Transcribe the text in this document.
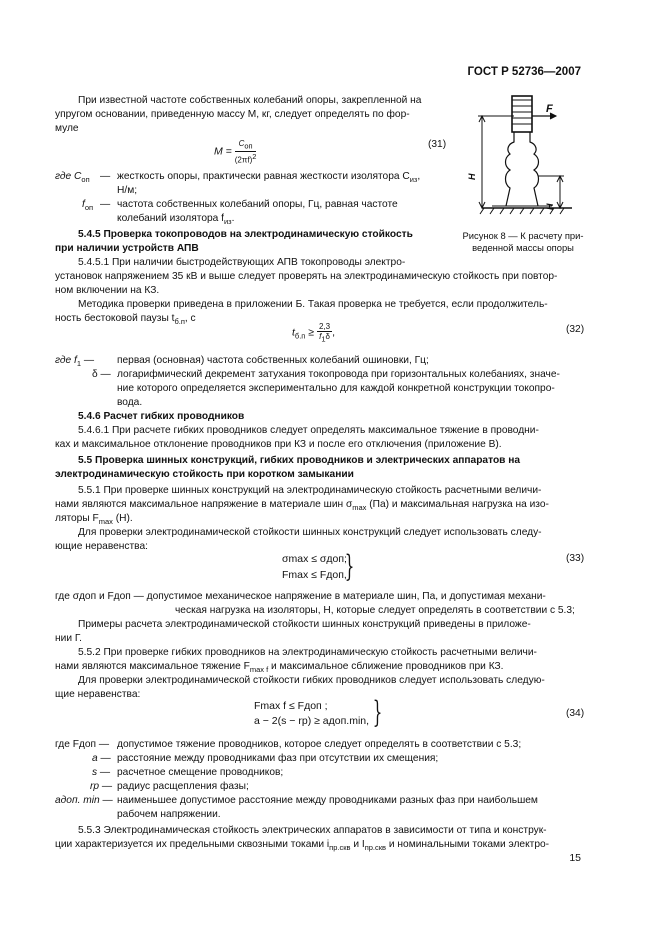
ГОСТ Р 52736—2007
F
H
H
Рисунок 8 — К расчету при-
веденной массы опоры
При известной частоте собственных колебаний опоры, закрепленной на
упругом основании, приведенную массу M, кг, следует определять по фор-
муле
$M = \frac{C_{оп}}{(2\pi f)^2}$	(31)
где $C_{оп}$ — жесткость опоры, практически равная жесткости изолятора $C_{из}$,
Н/м;
$f_{оп}$ — частота собственных колебаний опоры, Гц, равная частоте
колебаний изолятора $f_{из}$.
5.4.5 Проверка токопроводов на электродинамическую стойкость
при наличии устройств АПВ
5.4.5.1 При наличии быстродействующих АПВ токопроводы электро-
установок напряжением 35 кВ и выше следует проверять на электродинамическую стойкость при повтор-
ном включении на КЗ.
Методика проверки приведена в приложении Б. Такая проверка не требуется, если продолжитель-
ность бестоковой паузы $t_{б.п}$, с
$t_{б.п} \ge \frac{2,3}{f_1\delta}$ ,	(32)
где $f_1$ — первая (основная) частота собственных колебаний ошиновки, Гц;
δ — логарифмический декремент затухания токопровода при горизонтальных колебаниях, значе-
ние которого определяется экспериментально для каждой конкретной конструкции токопро-
вода.
5.4.6 Расчет гибких проводников
5.4.6.1 При расчете гибких проводников следует определять максимальное тяжение в проводни-
ках и максимальное отклонение проводников при КЗ и после его отключения (приложение В).
5.5 Проверка шинных конструкций, гибких проводников и электрических аппаратов на
электродинамическую стойкость при коротком замыкании
5.5.1 При проверке шинных конструкций на электродинамическую стойкость расчетными величи-
нами являются максимальное напряжение в материале шин $\sigma_{max}$ (Па) и максимальная нагрузка на изо-
ляторы $F_{max}$ (Н).
Для проверки электродинамической стойкости шинных конструкций следует использовать следу-
ющие неравенства:
σmax ≤ σдоп;
Fmax ≤ Fдоп,
}	(33)
где σдоп и Fдоп — допустимое механическое напряжение в материале шин, Па, и допустимая механи-
ческая нагрузка на изоляторы, Н, которые следует определять в соответствии с 5.3;
Примеры расчета электродинамической стойкости шинных конструкций приведены в приложе-
нии Г.
5.5.2 При проверке гибких проводников на электродинамическую стойкость расчетными величи-
нами являются максимальное тяжение $F_{max f}$ и максимальное сближение проводников при КЗ.
Для проверки электродинамической стойкости гибких проводников следует использовать следую-
щие неравенства:
Fmax f ≤ Fдоп ;
a − 2(s − rр) ≥ aдоп.min, }	(34)
где Fдоп — допустимое тяжение проводников, которое следует определять в соответствии с 5.3;
a — расстояние между проводниками фаз при отсутствии их смещения;
s — расчетное смещение проводников;
rр — радиус расщепления фазы;
aдоп. min — наименьшее допустимое расстояние между проводниками разных фаз при наибольшем
рабочем напряжении.
5.5.3 Электродинамическая стойкость электрических аппаратов в зависимости от типа и конструк-
ции характеризуется их предельными сквозными токами $i_{пр.скв}$ и $I_{пр.скв}$ и номинальными токами электро-
15
